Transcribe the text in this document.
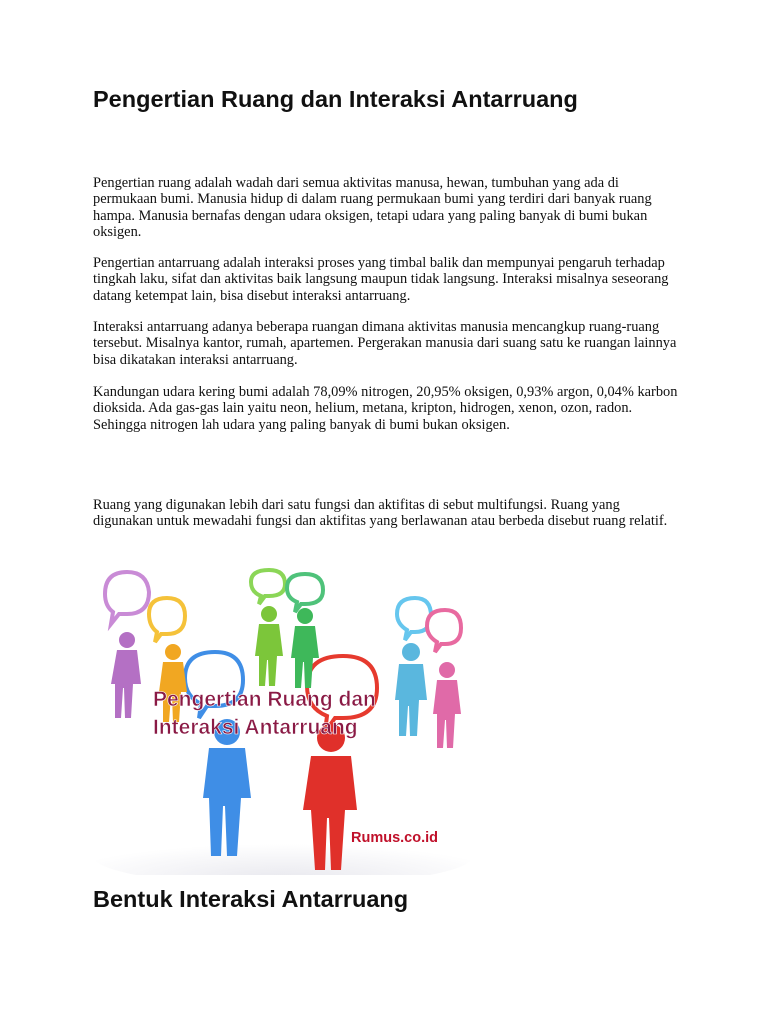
Pengertian Ruang dan Interaksi Antarruang

Pengertian ruang adalah wadah dari semua aktivitas manusa, hewan, tumbuhan yang ada di permukaan bumi. Manusia hidup di dalam ruang permukaan bumi yang terdiri dari banyak ruang hampa. Manusia bernafas dengan udara oksigen, tetapi udara yang paling banyak di bumi bukan oksigen.

Pengertian antarruang adalah interaksi proses yang timbal balik dan mempunyai pengaruh terhadap tingkah laku, sifat dan aktivitas baik langsung maupun tidak langsung. Interaksi misalnya seseorang datang ketempat lain, bisa disebut interaksi antarruang.

Interaksi antarruang adanya beberapa ruangan dimana aktivitas manusia mencangkup ruang-ruang tersebut. Misalnya kantor, rumah, apartemen. Pergerakan manusia dari suang satu ke ruangan lainnya bisa dikatakan interaksi antarruang.

Kandungan udara kering bumi adalah 78,09% nitrogen, 20,95% oksigen, 0,93% argon, 0,04% karbon dioksida. Ada gas-gas lain yaitu neon, helium, metana, kripton, hidrogen, xenon, ozon, radon. Sehingga nitrogen lah udara yang paling banyak di bumi bukan oksigen.

Ruang yang digunakan lebih dari satu fungsi dan aktifitas di sebut multifungsi. Ruang yang digunakan untuk mewadahi fungsi dan aktifitas yang berlawanan atau berbeda disebut ruang relatif.

Pengertian Ruang dan
Interaksi Antarruang
Rumus.co.id
Bentuk Interaksi Antarruang
